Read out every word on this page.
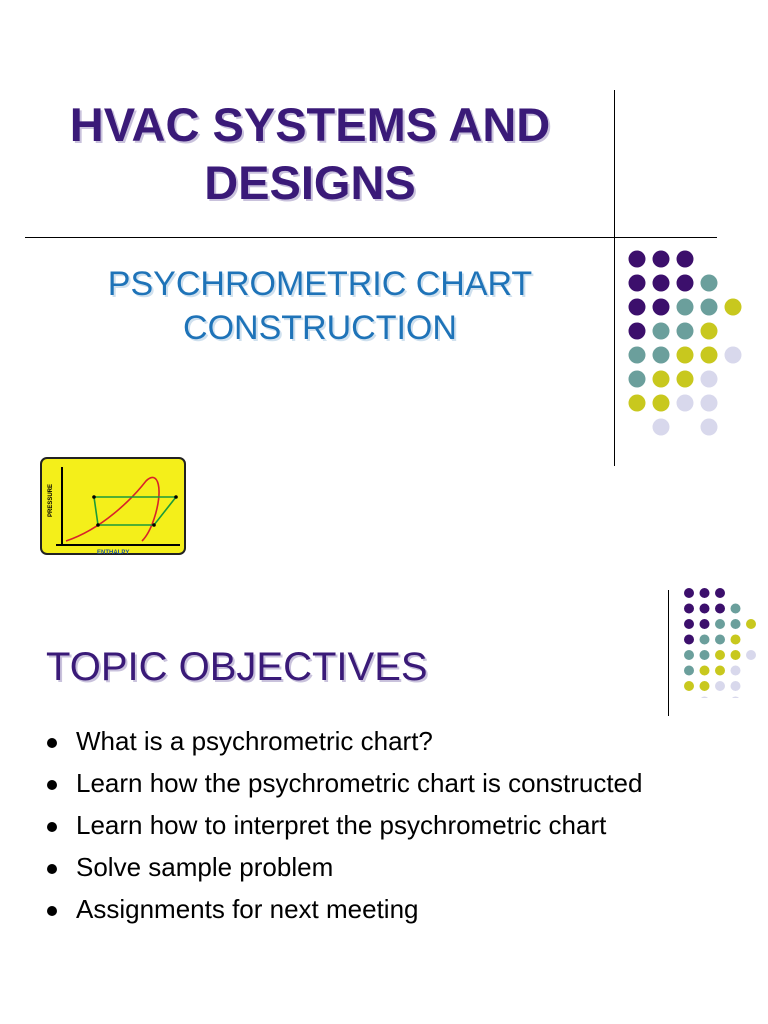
HVAC SYSTEMS AND
DESIGNS
PSYCHROMETRIC CHART
CONSTRUCTION
PRESSURE
ENTHALPY
TOPIC OBJECTIVES
What is a psychrometric chart?
Learn how the psychrometric chart is constructed
Learn how to interpret the psychrometric chart
Solve sample problem
Assignments for next meeting
